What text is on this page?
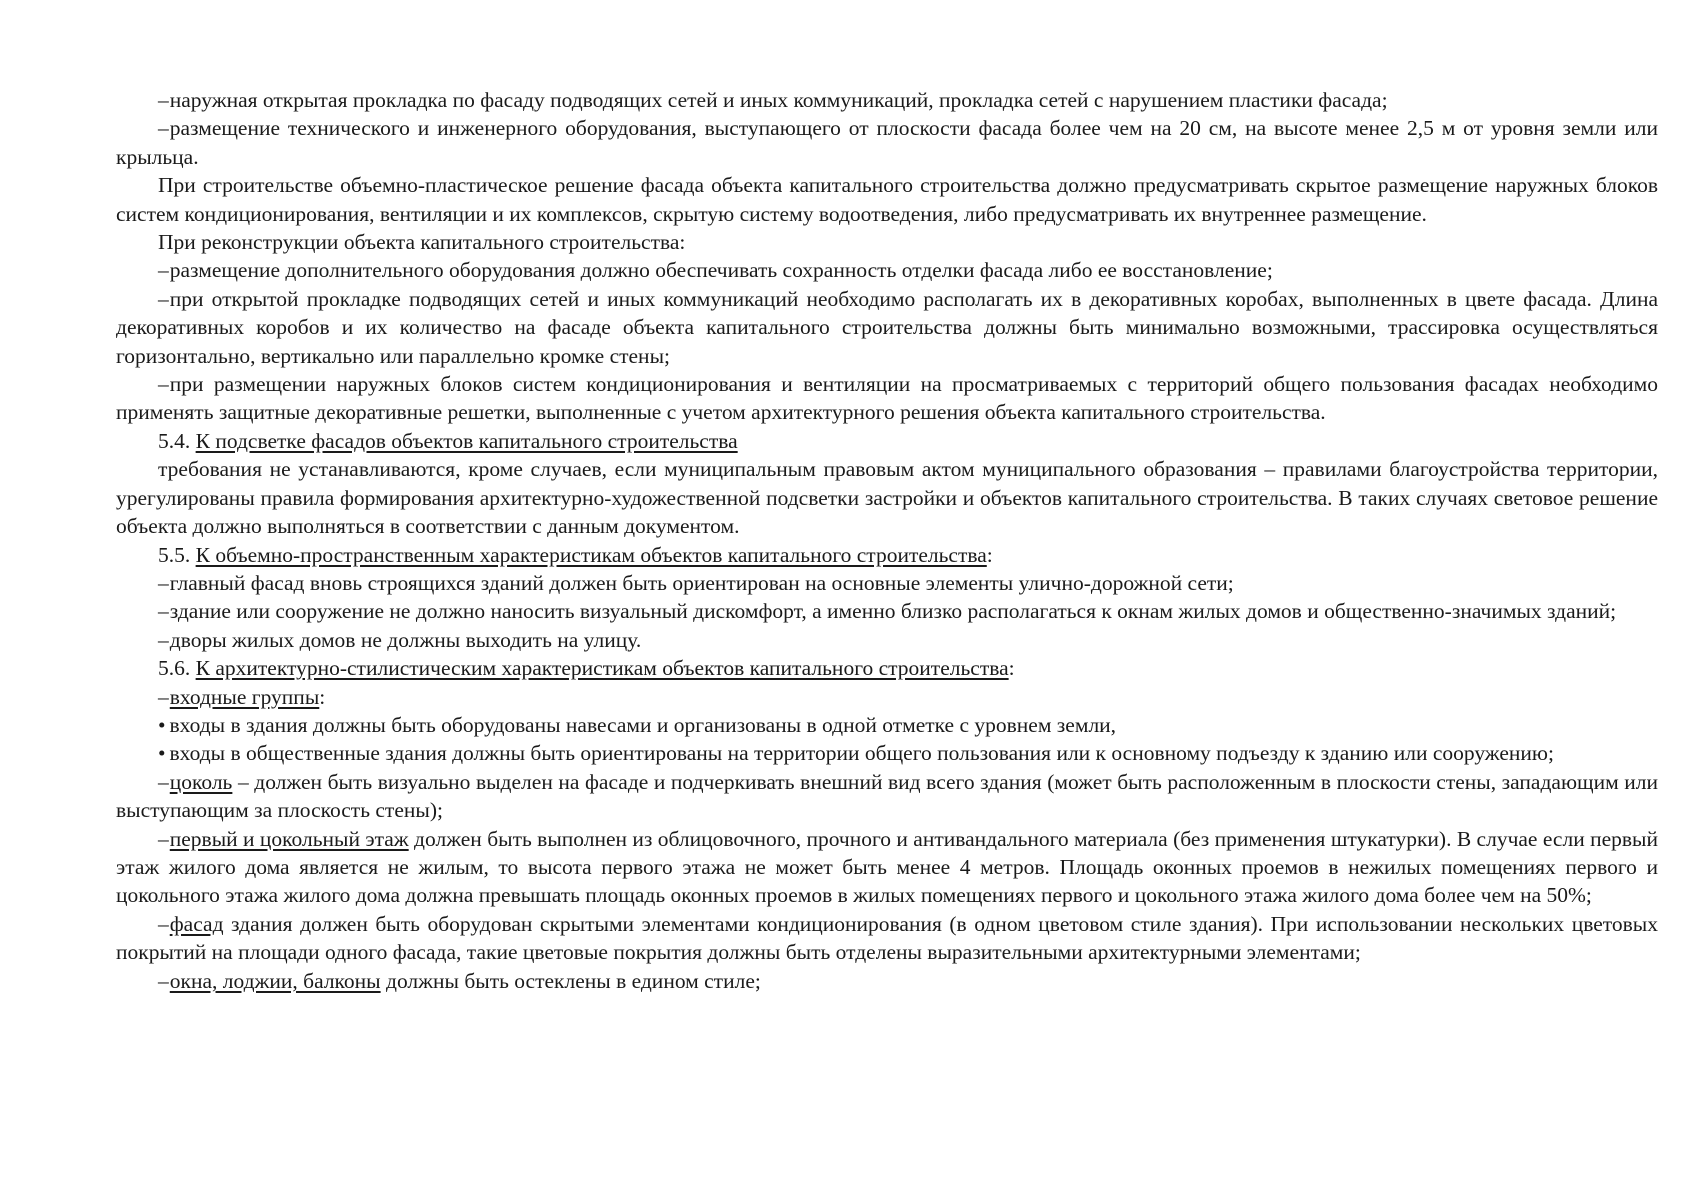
–наружная открытая прокладка по фасаду подводящих сетей и иных коммуникаций, прокладка сетей с нарушением пластики фасада;

–размещение технического и инженерного оборудования, выступающего от плоскости фасада более чем на 20 см, на высоте менее 2,5 м от уровня земли или крыльца.

При строительстве объемно-пластическое решение фасада объекта капитального строительства должно предусматривать скрытое размещение наружных блоков систем кондиционирования, вентиляции и их комплексов, скрытую систему водоотведения, либо предусматривать их внутреннее размещение.

При реконструкции объекта капитального строительства:

–размещение дополнительного оборудования должно обеспечивать сохранность отделки фасада либо ее восстановление;

–при открытой прокладке подводящих сетей и иных коммуникаций необходимо располагать их в декоративных коробах, выполненных в цвете фасада. Длина декоративных коробов и их количество на фасаде объекта капитального строительства должны быть минимально возможными, трассировка осуществляться горизонтально, вертикально или параллельно кромке стены;

–при размещении наружных блоков систем кондиционирования и вентиляции на просматриваемых с территорий общего пользования фасадах необходимо применять защитные декоративные решетки, выполненные с учетом архитектурного решения объекта капитального строительства.

5.4. К подсветке фасадов объектов капитального строительства

требования не устанавливаются, кроме случаев, если муниципальным правовым актом муниципального образования – правилами благоустройства территории, урегулированы правила формирования архитектурно-художественной подсветки застройки и объектов капитального строительства. В таких случаях световое решение объекта должно выполняться в соответствии с данным документом.

5.5. К объемно-пространственным характеристикам объектов капитального строительства:

–главный фасад вновь строящихся зданий должен быть ориентирован на основные элементы улично-дорожной сети;

–здание или сооружение не должно наносить визуальный дискомфорт, а именно близко располагаться к окнам жилых домов и общественно-значимых зданий;

–дворы жилых домов не должны выходить на улицу.

5.6. К архитектурно-стилистическим характеристикам объектов капитального строительства:

–входные группы:

• входы в здания должны быть оборудованы навесами и организованы в одной отметке с уровнем земли,

• входы в общественные здания должны быть ориентированы на территории общего пользования или к основному подъезду к зданию или сооружению;

–цоколь – должен быть визуально выделен на фасаде и подчеркивать внешний вид всего здания (может быть расположенным в плоскости стены, западающим или выступающим за плоскость стены);

–первый и цокольный этаж должен быть выполнен из облицовочного, прочного и антивандального материала (без применения штукатурки). В случае если первый этаж жилого дома является не жилым, то высота первого этажа не может быть менее 4 метров. Площадь оконных проемов в нежилых помещениях первого и цокольного этажа жилого дома должна превышать площадь оконных проемов в жилых помещениях первого и цокольного этажа жилого дома более чем на 50%;

–фасад здания должен быть оборудован скрытыми элементами кондиционирования (в одном цветовом стиле здания). При использовании нескольких цветовых покрытий на площади одного фасада, такие цветовые покрытия должны быть отделены выразительными архитектурными элементами;

–окна, лоджии, балконы должны быть остеклены в едином стиле;
